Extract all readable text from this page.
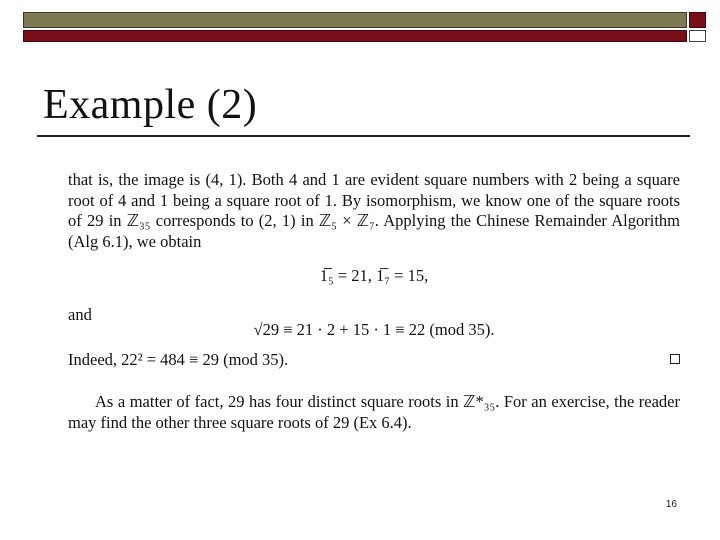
Example (2)

that is, the image is (4, 1). Both 4 and 1 are evident square numbers with 2 being a square root of 4 and 1 being a square root of 1. By isomorphism, we know one of the square roots of 29 in ℤ₃₅ corresponds to (2, 1) in ℤ₅ × ℤ₇. Applying the Chinese Remainder Algorithm (Alg 6.1), we obtain

1̅₅ = 21, 1̅₇ = 15,
and
√29 ≡ 21 · 2 + 15 · 1 ≡ 22 (mod 35).
Indeed, 22² = 484 ≡ 29 (mod 35).

As a matter of fact, 29 has four distinct square roots in ℤ*₃₅. For an exercise, the reader may find the other three square roots of 29 (Ex 6.4).

16
